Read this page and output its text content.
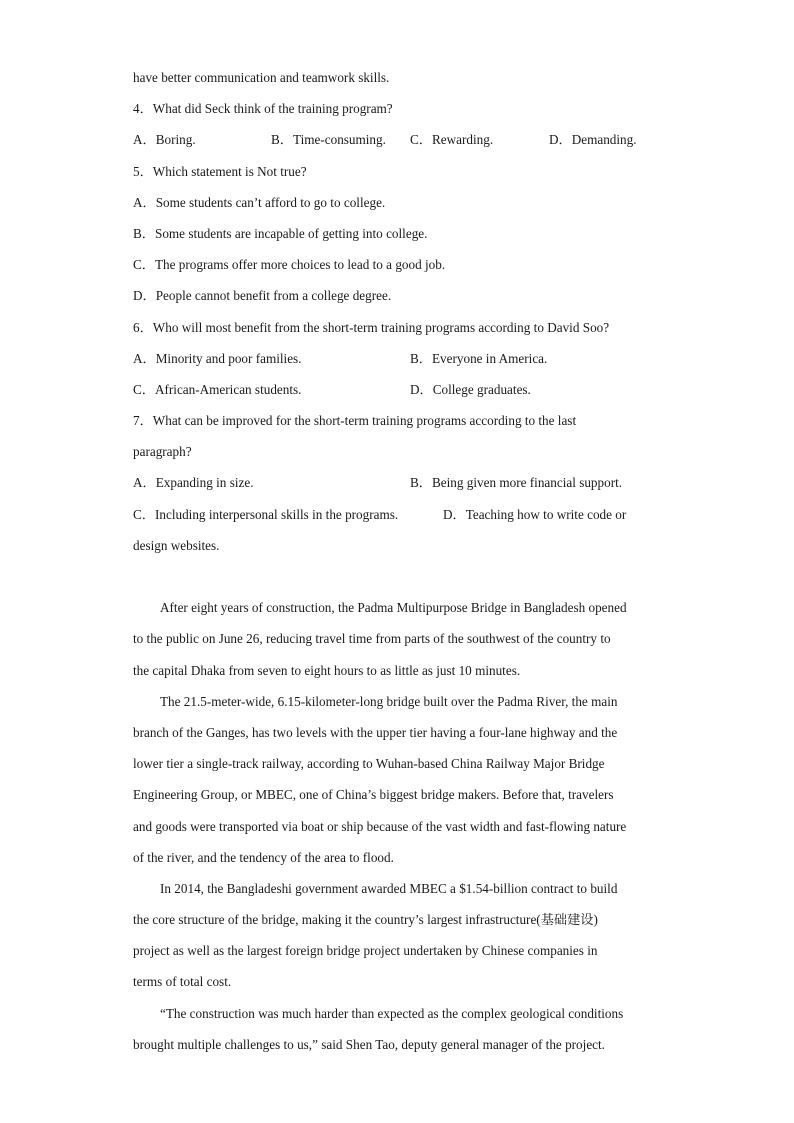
have better communication and teamwork skills.
4．What did Seck think of the training program?
A．Boring.	B．Time-consuming.	C．Rewarding.	D．Demanding.
5．Which statement is Not true?
A．Some students can’t afford to go to college.
B．Some students are incapable of getting into college.
C．The programs offer more choices to lead to a good job.
D．People cannot benefit from a college degree.
6．Who will most benefit from the short-term training programs according to David Soo?
A．Minority and poor families.	B．Everyone in America.
C．African-American students.	D．College graduates.
7．What can be improved for the short-term training programs according to the last
paragraph?
A．Expanding in size.	B．Being given more financial support.
C．Including interpersonal skills in the programs.	D．Teaching how to write code or
design websites.
After eight years of construction, the Padma Multipurpose Bridge in Bangladesh opened
to the public on June 26, reducing travel time from parts of the southwest of the country to
the capital Dhaka from seven to eight hours to as little as just 10 minutes.
The 21.5-meter-wide, 6.15-kilometer-long bridge built over the Padma River, the main
branch of the Ganges, has two levels with the upper tier having a four-lane highway and the
lower tier a single-track railway, according to Wuhan-based China Railway Major Bridge
Engineering Group, or MBEC, one of China’s biggest bridge makers. Before that, travelers
and goods were transported via boat or ship because of the vast width and fast-flowing nature
of the river, and the tendency of the area to flood.
In 2014, the Bangladeshi government awarded MBEC a $1.54-billion contract to build
the core structure of the bridge, making it the country’s largest infrastructure(基础建设)
project as well as the largest foreign bridge project undertaken by Chinese companies in
terms of total cost.
“The construction was much harder than expected as the complex geological conditions
brought multiple challenges to us,” said Shen Tao, deputy general manager of the project.
